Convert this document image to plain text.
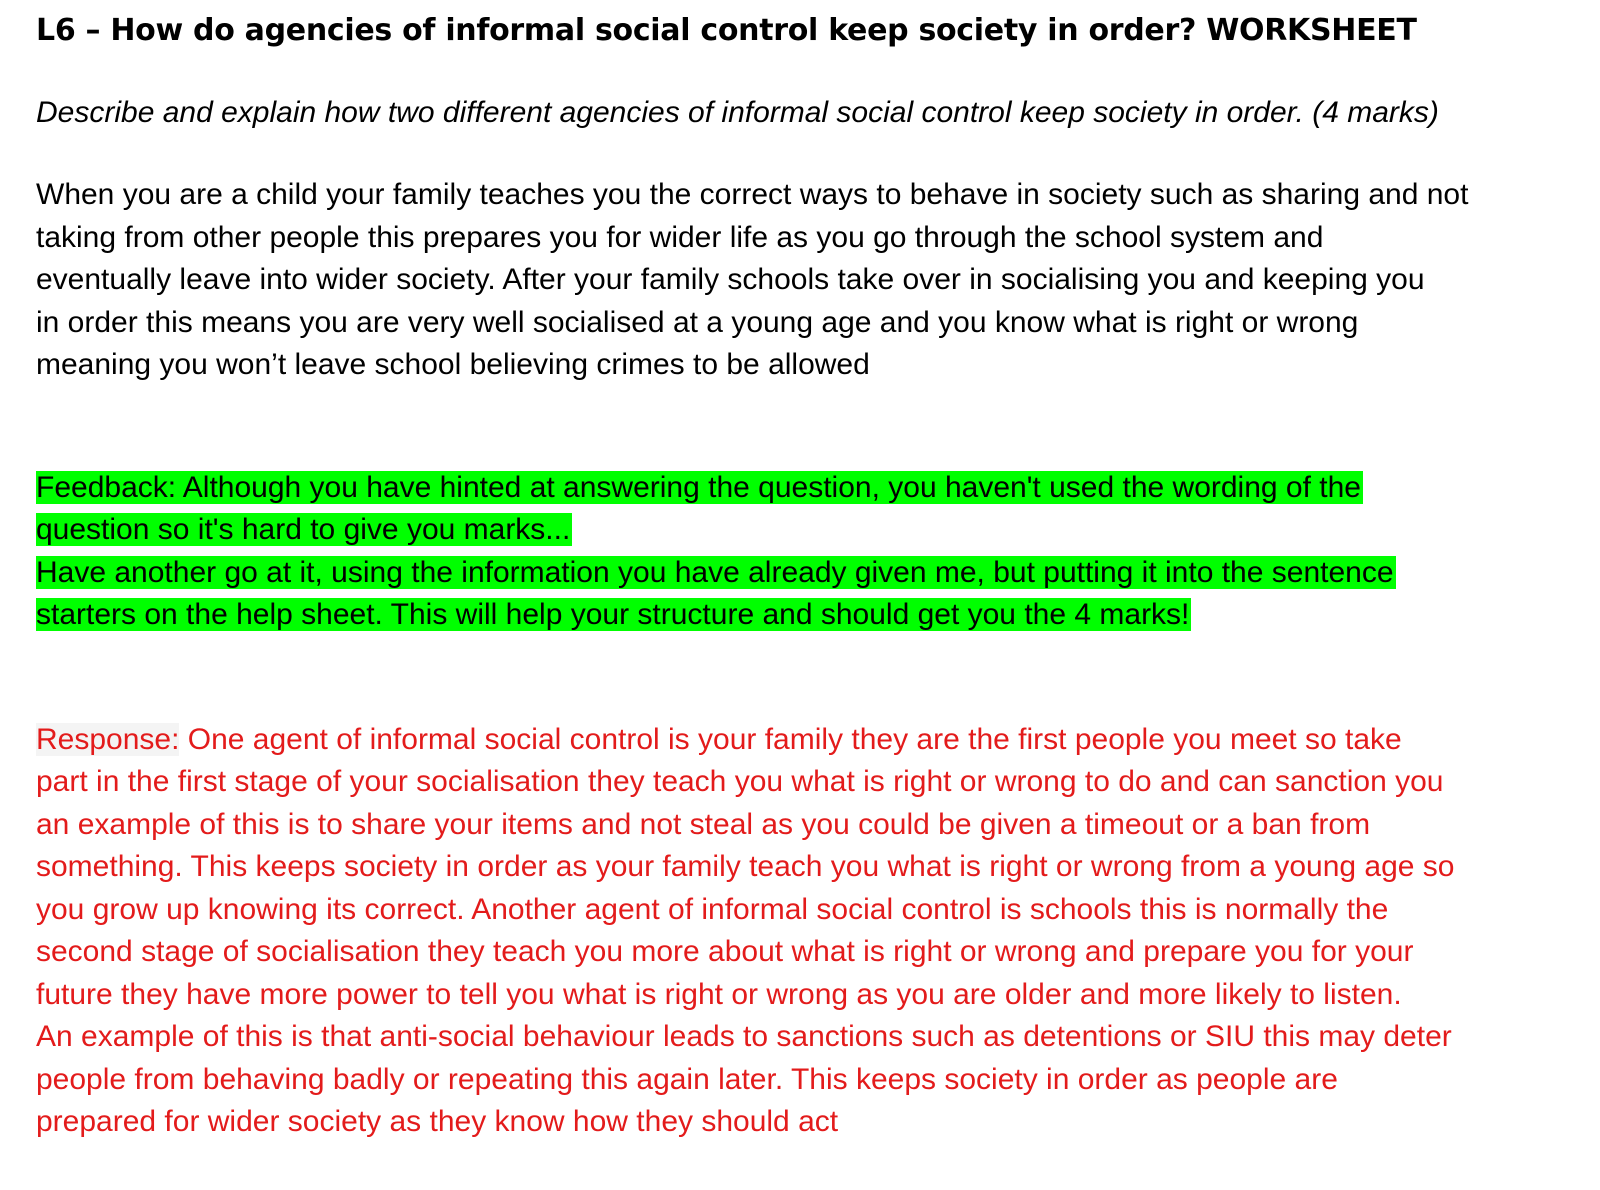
L6 – How do agencies of informal social control keep society in order? WORKSHEET

Describe and explain how two different agencies of informal social control keep society in order. (4 marks)

When you are a child your family teaches you the correct ways to behave in society such as sharing and not
taking from other people this prepares you for wider life as you go through the school system and
eventually leave into wider society. After your family schools take over in socialising you and keeping you
in order this means you are very well socialised at a young age and you know what is right or wrong
meaning you won’t leave school believing crimes to be allowed
Feedback: Although you have hinted at answering the question, you haven't used the wording of the
question so it's hard to give you marks...
Have another go at it, using the information you have already given me, but putting it into the sentence
starters on the help sheet. This will help your structure and should get you the 4 marks!
Response: One agent of informal social control is your family they are the first people you meet so take
part in the first stage of your socialisation they teach you what is right or wrong to do and can sanction you
an example of this is to share your items and not steal as you could be given a timeout or a ban from
something. This keeps society in order as your family teach you what is right or wrong from a young age so
you grow up knowing its correct. Another agent of informal social control is schools this is normally the
second stage of socialisation they teach you more about what is right or wrong and prepare you for your
future they have more power to tell you what is right or wrong as you are older and more likely to listen.
An example of this is that anti-social behaviour leads to sanctions such as detentions or SIU this may deter
people from behaving badly or repeating this again later. This keeps society in order as people are
prepared for wider society as they know how they should act
